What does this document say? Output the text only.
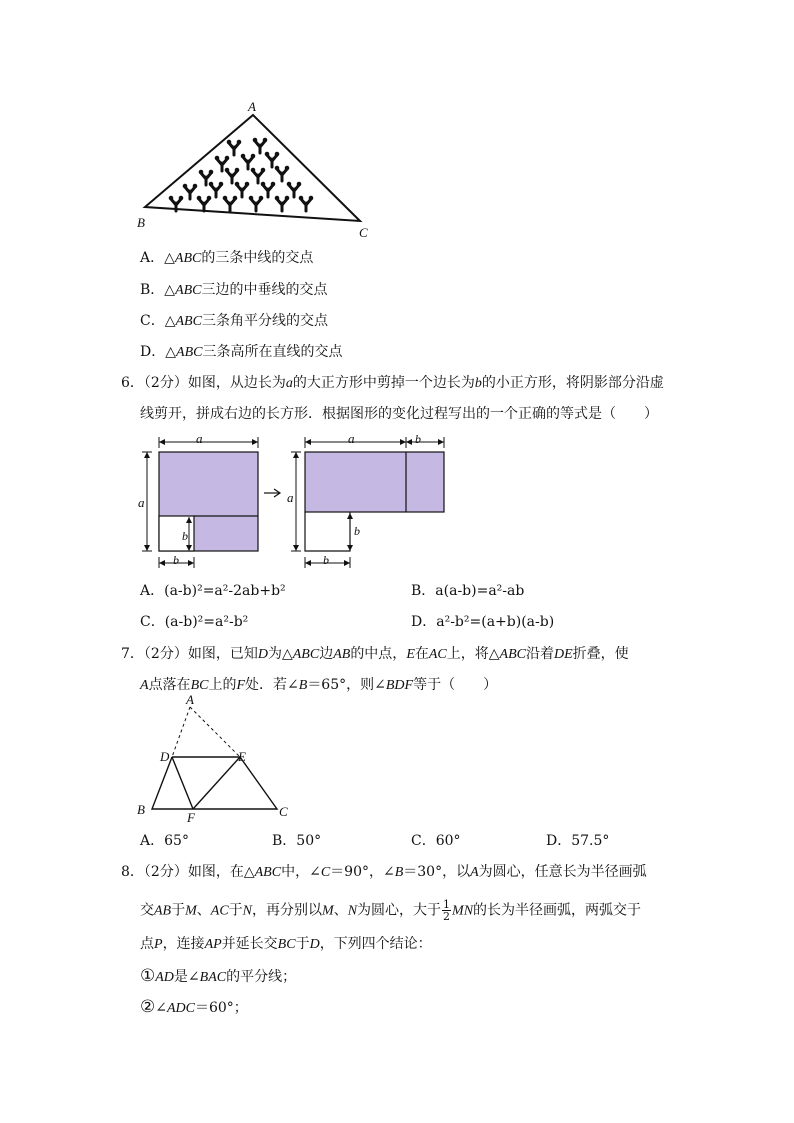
A
B
C
A．△ABC的三条中线的交点
B．△ABC三边的中垂线的交点
C．△ABC三条角平分线的交点
D．△ABC三条高所在直线的交点
6．（2分）如图，从边长为a的大正方形中剪掉一个边长为b的小正方形，将阴影部分沿虚
线剪开，拼成右边的长方形．根据图形的变化过程写出的一个正确的等式是（　　）
a
a
b
b
a	b
a
b
b
A．(a-b)²=a²-2ab+b²	B．a(a-b)=a²-ab
C．(a-b)²=a²-b²	D．a²-b²=(a+b)(a-b)
7．（2分）如图，已知D为△ABC边AB的中点，E在AC上，将△ABC沿着DE折叠，使
A点落在BC上的F处．若∠B＝65°，则∠BDF等于（　　）
A
B	C
D	E
F
A．65°	B．50°	C．60°	D．57.5°
8．（2分）如图，在△ABC中，∠C＝90°，∠B＝30°，以A为圆心，任意长为半径画弧
交AB于M、AC于N，再分别以M、N为圆心，大于 $\frac{1}{2}$ MN的长为半径画弧，两弧交于
点P，连接AP并延长交BC于D，下列四个结论：
①AD是∠BAC的平分线；
②∠ADC＝60°；
